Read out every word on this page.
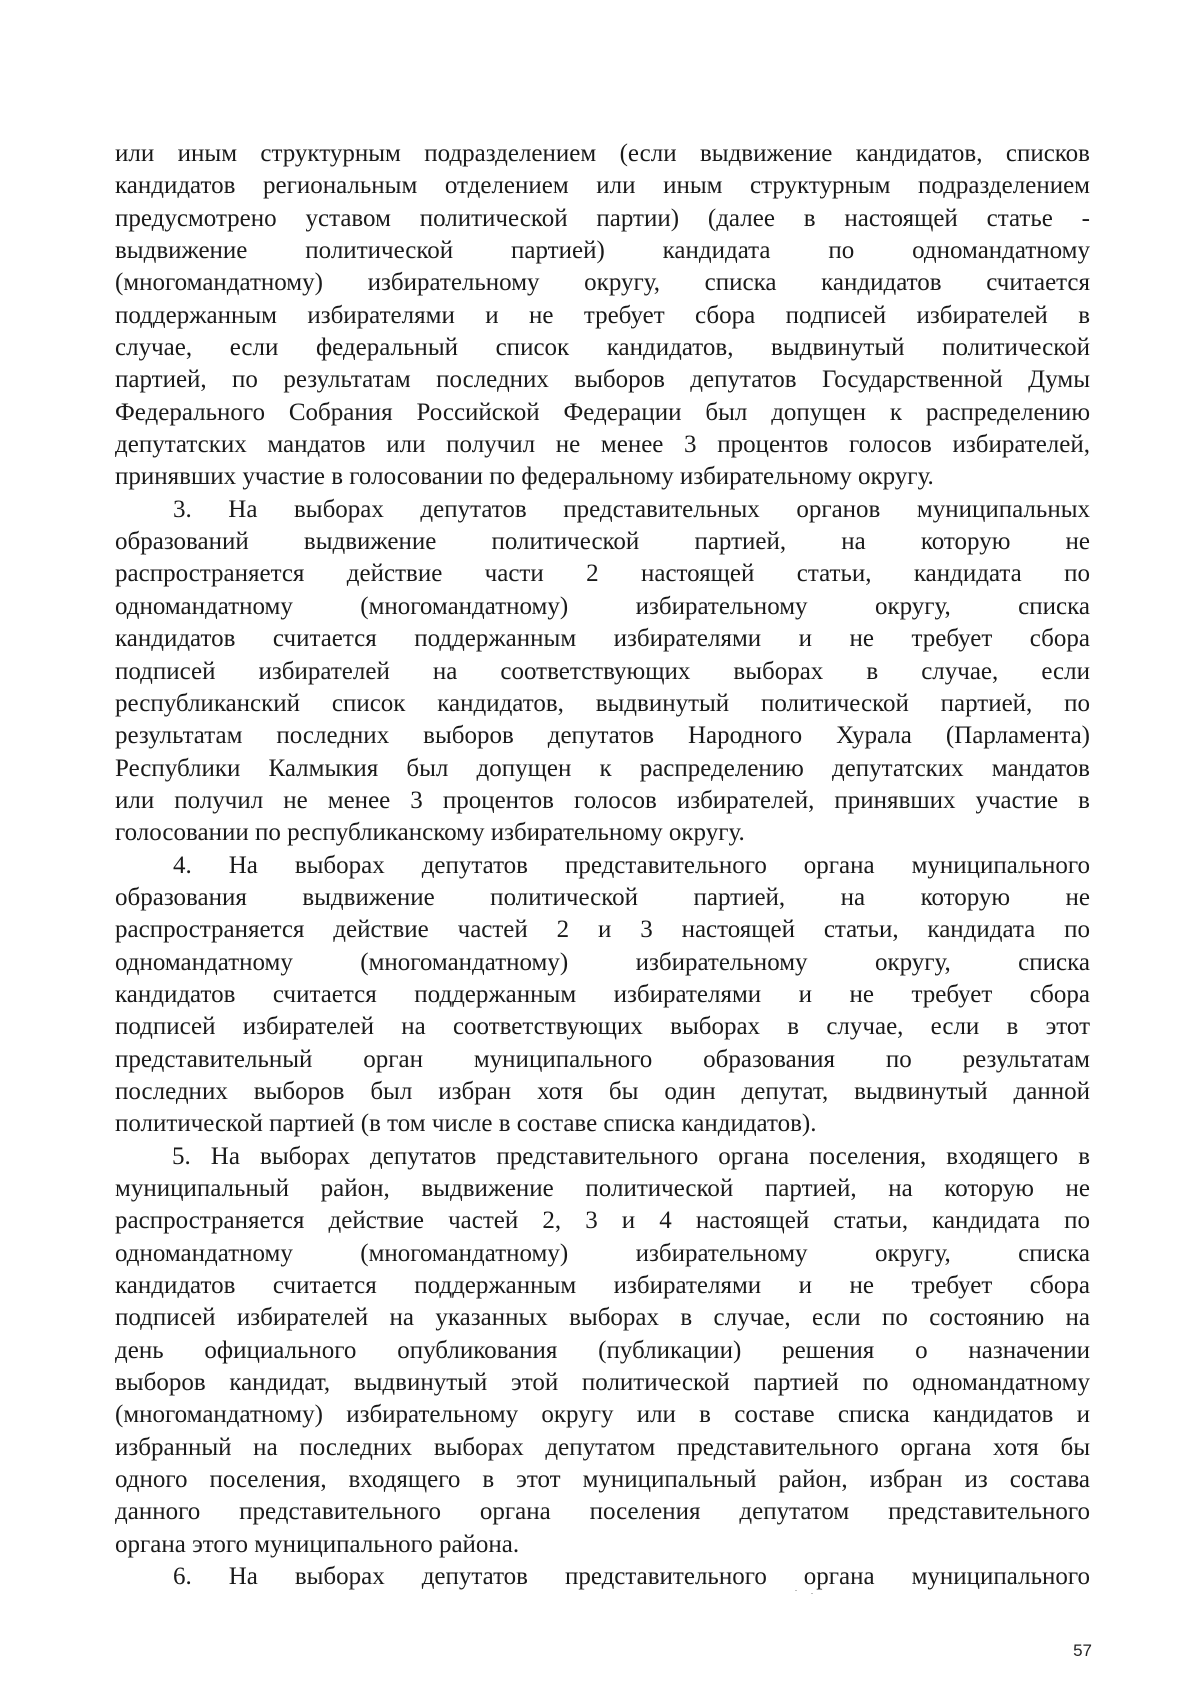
или иным структурным подразделением (если выдвижение кандидатов, списков
кандидатов региональным отделением или иным структурным подразделением
предусмотрено уставом политической партии) (далее в настоящей статье -
выдвижение политической партией) кандидата по одномандатному
(многомандатному) избирательному округу, списка кандидатов считается
поддержанным избирателями и не требует сбора подписей избирателей в
случае, если федеральный список кандидатов, выдвинутый политической
партией, по результатам последних выборов депутатов Государственной Думы
Федерального Собрания Российской Федерации был допущен к распределению
депутатских мандатов или получил не менее 3 процентов голосов избирателей,
принявших участие в голосовании по федеральному избирательному округу.
3. На выборах депутатов представительных органов муниципальных
образований выдвижение политической партией, на которую не
распространяется действие части 2 настоящей статьи, кандидата по
одномандатному (многомандатному) избирательному округу, списка
кандидатов считается поддержанным избирателями и не требует сбора
подписей избирателей на соответствующих выборах в случае, если
республиканский список кандидатов, выдвинутый политической партией, по
результатам последних выборов депутатов Народного Хурала (Парламента)
Республики Калмыкия был допущен к распределению депутатских мандатов
или получил не менее 3 процентов голосов избирателей, принявших участие в
голосовании по республиканскому избирательному округу.
4. На выборах депутатов представительного органа муниципального
образования выдвижение политической партией, на которую не
распространяется действие частей 2 и 3 настоящей статьи, кандидата по
одномандатному (многомандатному) избирательному округу, списка
кандидатов считается поддержанным избирателями и не требует сбора
подписей избирателей на соответствующих выборах в случае, если в этот
представительный орган муниципального образования по результатам
последних выборов был избран хотя бы один депутат, выдвинутый данной
политической партией (в том числе в составе списка кандидатов).
5. На выборах депутатов представительного органа поселения, входящего в
муниципальный район, выдвижение политической партией, на которую не
распространяется действие частей 2, 3 и 4 настоящей статьи, кандидата по
одномандатному (многомандатному) избирательному округу, списка
кандидатов считается поддержанным избирателями и не требует сбора
подписей избирателей на указанных выборах в случае, если по состоянию на
день официального опубликования (публикации) решения о назначении
выборов кандидат, выдвинутый этой политической партией по одномандатному
(многомандатному) избирательному округу или в составе списка кандидатов и
избранный на последних выборах депутатом представительного органа хотя бы
одного поселения, входящего в этот муниципальный район, избран из состава
данного представительного органа поселения депутатом представительного
органа этого муниципального района.
6. На выборах депутатов представительного органа муниципального
57
